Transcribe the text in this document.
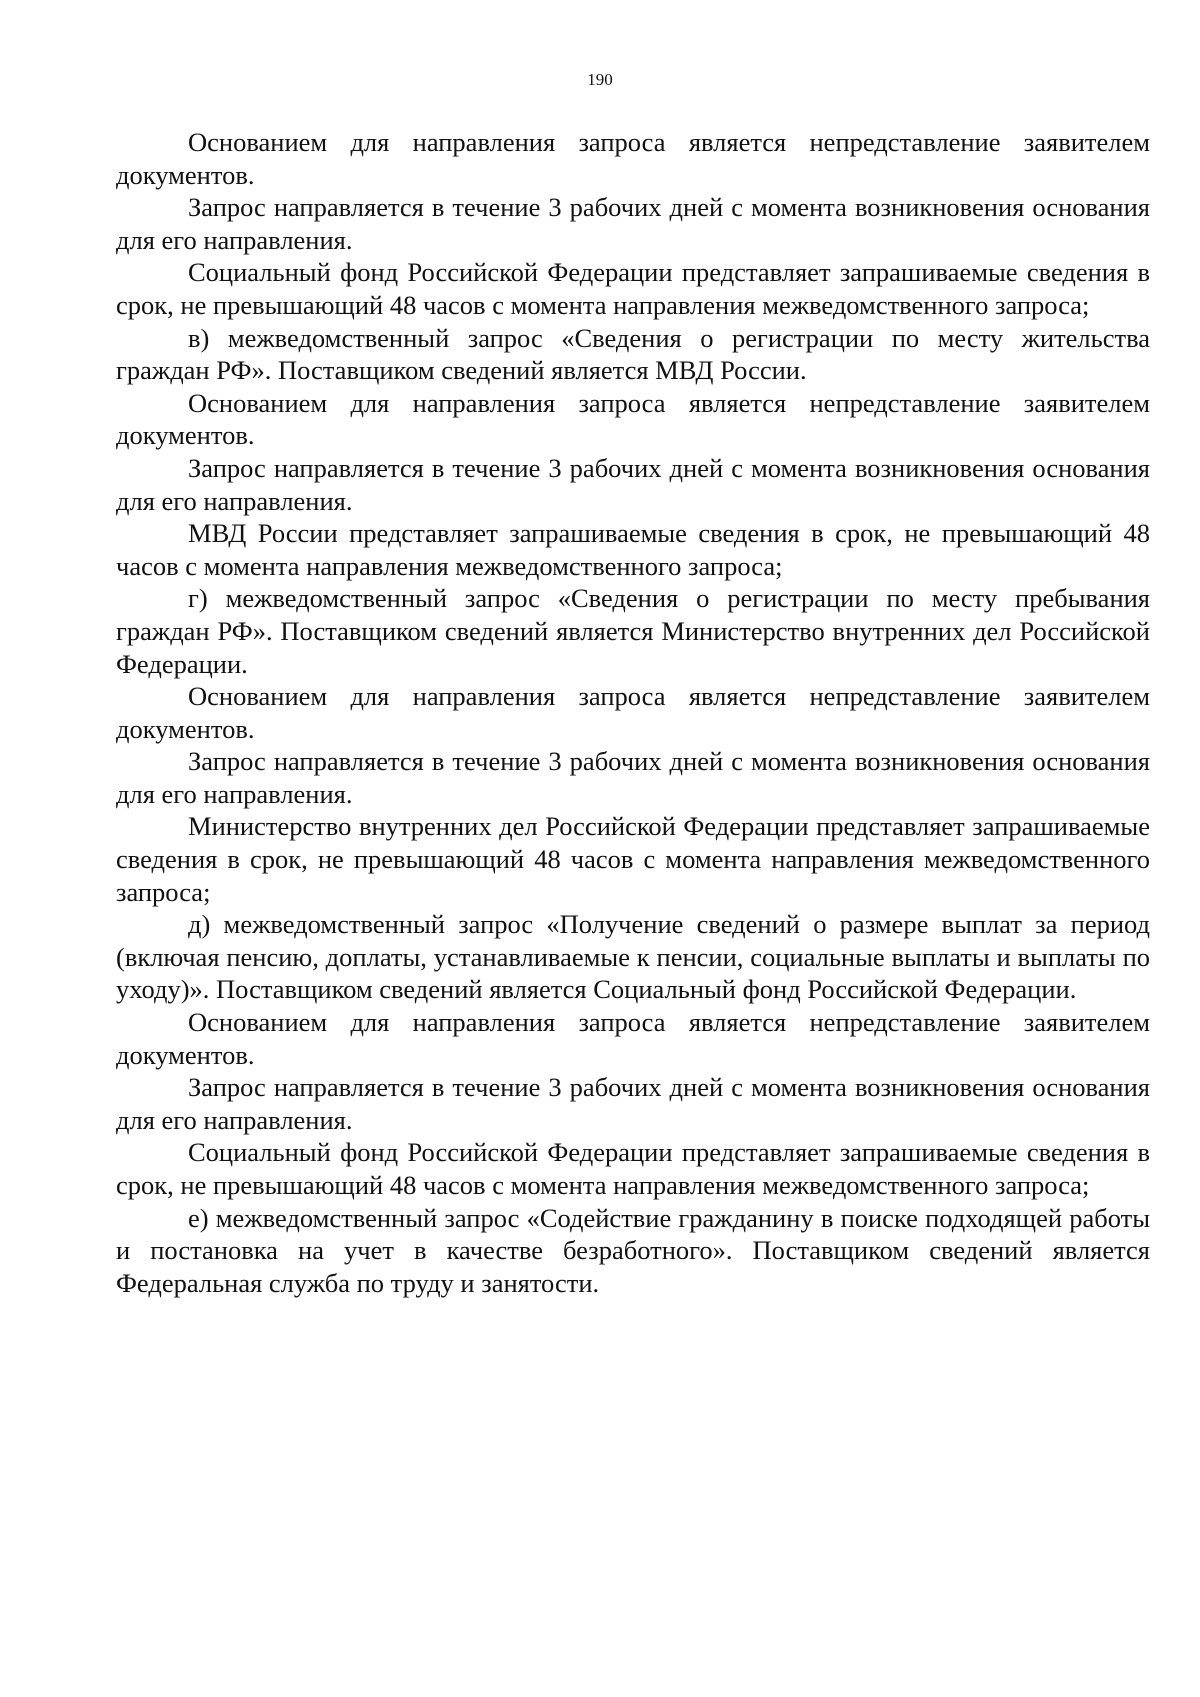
190

Основанием для направления запроса является непредставление заявителем документов.

Запрос направляется в течение 3 рабочих дней с момента возникновения основания для его направления.

Социальный фонд Российской Федерации представляет запрашиваемые сведения в срок, не превышающий 48 часов с момента направления межведомственного запроса;

в) межведомственный запрос «Сведения о регистрации по месту жительства граждан РФ». Поставщиком сведений является МВД России.

Основанием для направления запроса является непредставление заявителем документов.

Запрос направляется в течение 3 рабочих дней с момента возникновения основания для его направления.

МВД России представляет запрашиваемые сведения в срок, не превышающий 48 часов с момента направления межведомственного запроса;

г) межведомственный запрос «Сведения о регистрации по месту пребывания граждан РФ». Поставщиком сведений является Министерство внутренних дел Российской Федерации.

Основанием для направления запроса является непредставление заявителем документов.

Запрос направляется в течение 3 рабочих дней с момента возникновения основания для его направления.

Министерство внутренних дел Российской Федерации представляет запрашиваемые сведения в срок, не превышающий 48 часов с момента направления межведомственного запроса;

д) межведомственный запрос «Получение сведений о размере выплат за период (включая пенсию, доплаты, устанавливаемые к пенсии, социальные выплаты и выплаты по уходу)». Поставщиком сведений является Социальный фонд Российской Федерации.

Основанием для направления запроса является непредставление заявителем документов.

Запрос направляется в течение 3 рабочих дней с момента возникновения основания для его направления.

Социальный фонд Российской Федерации представляет запрашиваемые сведения в срок, не превышающий 48 часов с момента направления межведомственного запроса;

е) межведомственный запрос «Содействие гражданину в поиске подходящей работы и постановка на учет в качестве безработного». Поставщиком сведений является Федеральная служба по труду и занятости.
